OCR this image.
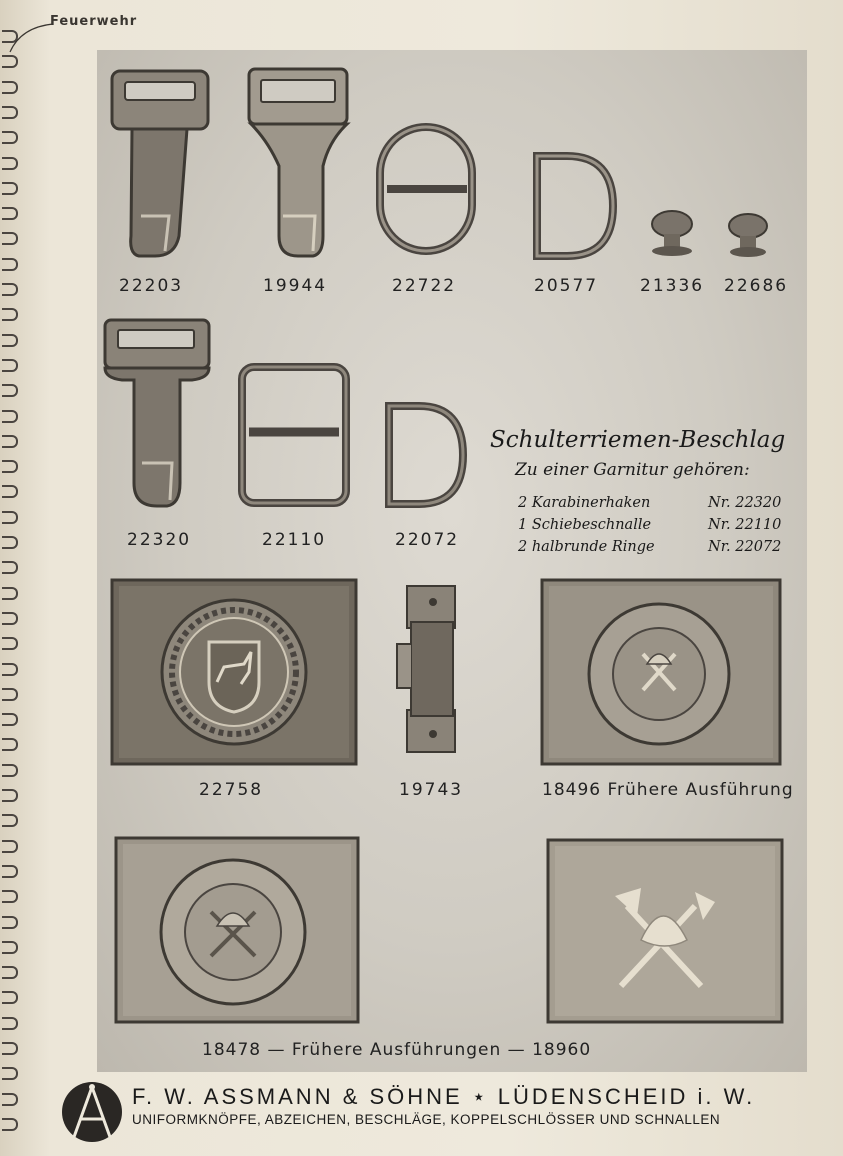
Feuerwehr
22203	19944	22722	20577 21336 22686
22320	22110	22072
22758	19743	18496 Frühere Ausführung
18478 — Frühere Ausführungen — 18960
Schulterriemen-Beschlag
Zu einer Garnitur gehören:
2 Karabinerhaken	Nr. 22320
1 Schiebeschnalle	Nr. 22110
2 halbrunde Ringe	Nr. 22072
F. W. ASSMANN & SÖHNE ⋆ LÜDENSCHEID i. W.
UNIFORMKNÖPFE, ABZEICHEN, BESCHLÄGE, KOPPELSCHLÖSSER UND SCHNALLEN
